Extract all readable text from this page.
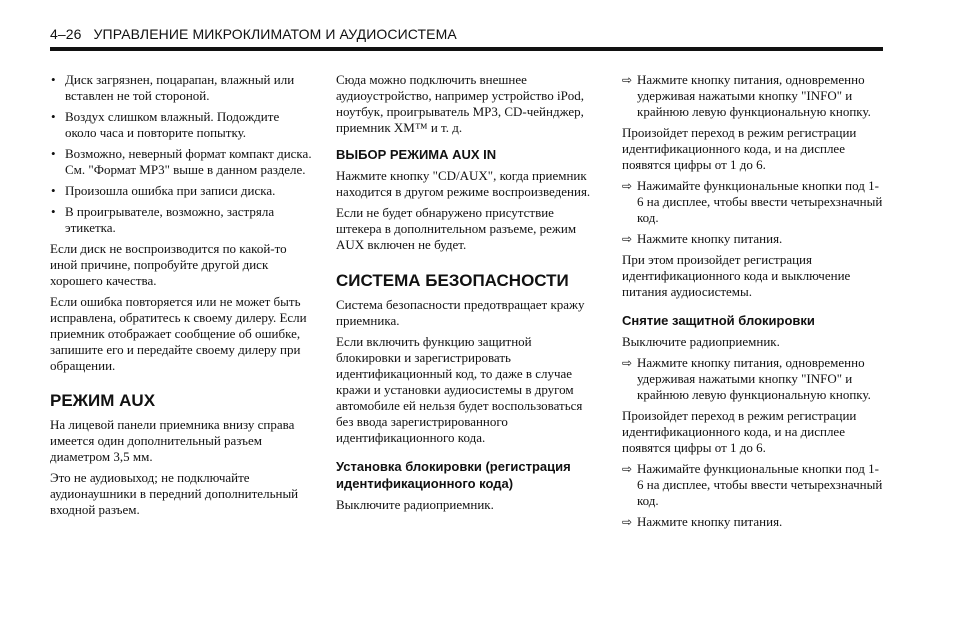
4–26 УПРАВЛЕНИЕ МИКРОКЛИМАТОМ И АУДИОСИСТЕМА
• Диск загрязнен, поцарапан, влажный или вставлен не той стороной.
• Воздух слишком влажный. Подождите около часа и повторите попытку.
• Возможно, неверный формат компакт диска. См. "Формат MP3" выше в данном разделе.
• Произошла ошибка при записи диска.
• В проигрывателе, возможно, застряла этикетка.

Если диск не воспроизводится по какой-то иной причине, попробуйте другой диск хорошего качества.

Если ошибка повторяется или не может быть исправлена, обратитесь к своему дилеру. Если приемник отображает сообщение об ошибке, запишите его и передайте своему дилеру при обращении.

РЕЖИМ AUX

На лицевой панели приемника внизу справа имеется один дополнительный разъем диаметром 3,5 мм.

Это не аудиовыход; не подключайте аудионаушники в передний дополнительный входной разъем.

Сюда можно подключить внешнее аудиоустройство, например устройство iPod, ноутбук, проигрыватель MP3, CD-чейнджер, приемник XM™ и т. д.

ВЫБОР РЕЖИМА AUX IN

Нажмите кнопку "CD/AUX", когда приемник находится в другом режиме воспроизведения.

Если не будет обнаружено присутствие штекера в дополнительном разъеме, режим AUX включен не будет.

СИСТЕМА БЕЗОПАСНОСТИ

Система безопасности предотвращает кражу приемника.

Если включить функцию защитной блокировки и зарегистрировать идентификационный код, то даже в случае кражи и установки аудиосистемы в другом автомобиле ей нельзя будет воспользоваться без ввода зарегистрированного идентификационного кода.

Установка блокировки (регистрация идентификационного кода)

Выключите радиоприемник.

⇨ Нажмите кнопку питания, одновременно удерживая нажатыми кнопку "INFO" и крайнюю левую функциональную кнопку.

Произойдет переход в режим регистрации идентификационного кода, и на дисплее появятся цифры от 1 до 6.

⇨ Нажимайте функциональные кнопки под 1-6 на дисплее, чтобы ввести четырехзначный код.
⇨ Нажмите кнопку питания.

При этом произойдет регистрация идентификационного кода и выключение питания аудиосистемы.

Снятие защитной блокировки

Выключите радиоприемник.

⇨ Нажмите кнопку питания, одновременно удерживая нажатыми кнопку "INFO" и крайнюю левую функциональную кнопку.

Произойдет переход в режим регистрации идентификационного кода, и на дисплее появятся цифры от 1 до 6.

⇨ Нажимайте функциональные кнопки под 1-6 на дисплее, чтобы ввести четырехзначный код.
⇨ Нажмите кнопку питания.
